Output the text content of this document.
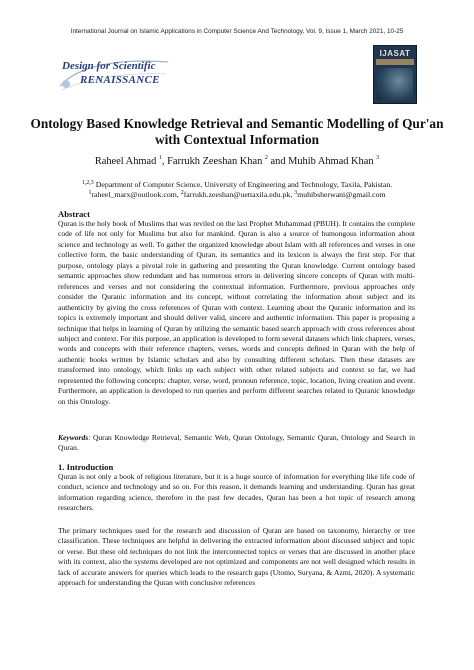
International Journal on Islamic Applications in Computer Science And Technology, Vol. 9, Issue 1, March 2021, 10-25
Design for Scientific
RENAISSANCE
IJASAT
Ontology Based Knowledge Retrieval and Semantic Modelling of Qur'an with Contextual Information
Raheel Ahmad $^1$, Farrukh Zeeshan Khan $^2$ and Muhib Ahmad Khan $^3$
$^{1,2,3}$ Department of Computer Science, University of Engineering and Technology, Taxila, Pakistan.
$^1$raheel_marx@outlook.com, $^2$farrukh.zeeshan@uettaxila.edu.pk, $^3$muhibsherwani@gmail.com
Abstract
Quran is the holy book of Muslims that was reviled on the last Prophet Muhammad (PBUH). It contains the complete code of life not only for Muslims but also for mankind. Quran is also a source of humongous information about science and technology as well. To gather the organized knowledge about Islam with all references and verses in one collective form, the basic understanding of Quran, its semantics and its lexicon is always the first step. For that purpose, ontology plays a pivotal role in gathering and presenting the Quran knowledge. Current ontology based semantic approaches show redundant and has numerous errors in delivering sincere concepts of Quran with multi-references and verses and not considering the contextual information. Furthermore, previous approaches only consider the Quranic information and its concept, without correlating the information about subject and its authenticity by giving the cross references of Quran with context. Learning about the Quranic information and its topics is extremely important and should deliver valid, sincere and authentic information. This paper is proposing a technique that helps in learning of Quran by utilizing the semantic based search approach with cross references about subject and context. For this purpose, an application is developed to form several datasets which link chapters, verses, words and concepts with their reference chapters, verses, words and concepts defined in Quran with the help of authentic books written by Islamic scholars and also by consulting different scholars. Then these datasets are transformed into ontology, which links up each subject with other related subjects and context so far, we had represented the following concepts: chapter, verse, word, pronoun reference, topic, location, living creation and event. Furthermore, an application is developed to run queries and perform different searches related to Quranic knowledge on this Ontology.
Keywords: Quran Knowledge Retrieval, Semantic Web, Quran Ontology, Semantic Quran, Ontology and Search in Quran.
1. Introduction
Quran is not only a book of religious literature, but it is a huge source of information for everything like life code of conduct, science and technology and so on. For this reason, it demands learning and understanding. Quran has great information regarding science, therefore in the past few decades, Quran has been a hot topic of research among researchers.
The primary techniques used for the research and discussion of Quran are based on taxonomy, hierarchy or tree classification. These techniques are helpful in delivering the extracted information about discussed subject and topic or verse. But these old techniques do not link the interconnected topics or verses that are discussed in another place with its context, also the systems developed are not optimized and components are not well designed which results in lack of accurate answers for queries which leads to the research gaps (Utomo, Suryana, & Azmi, 2020). A systematic approach for understanding the Quran with conclusive references
